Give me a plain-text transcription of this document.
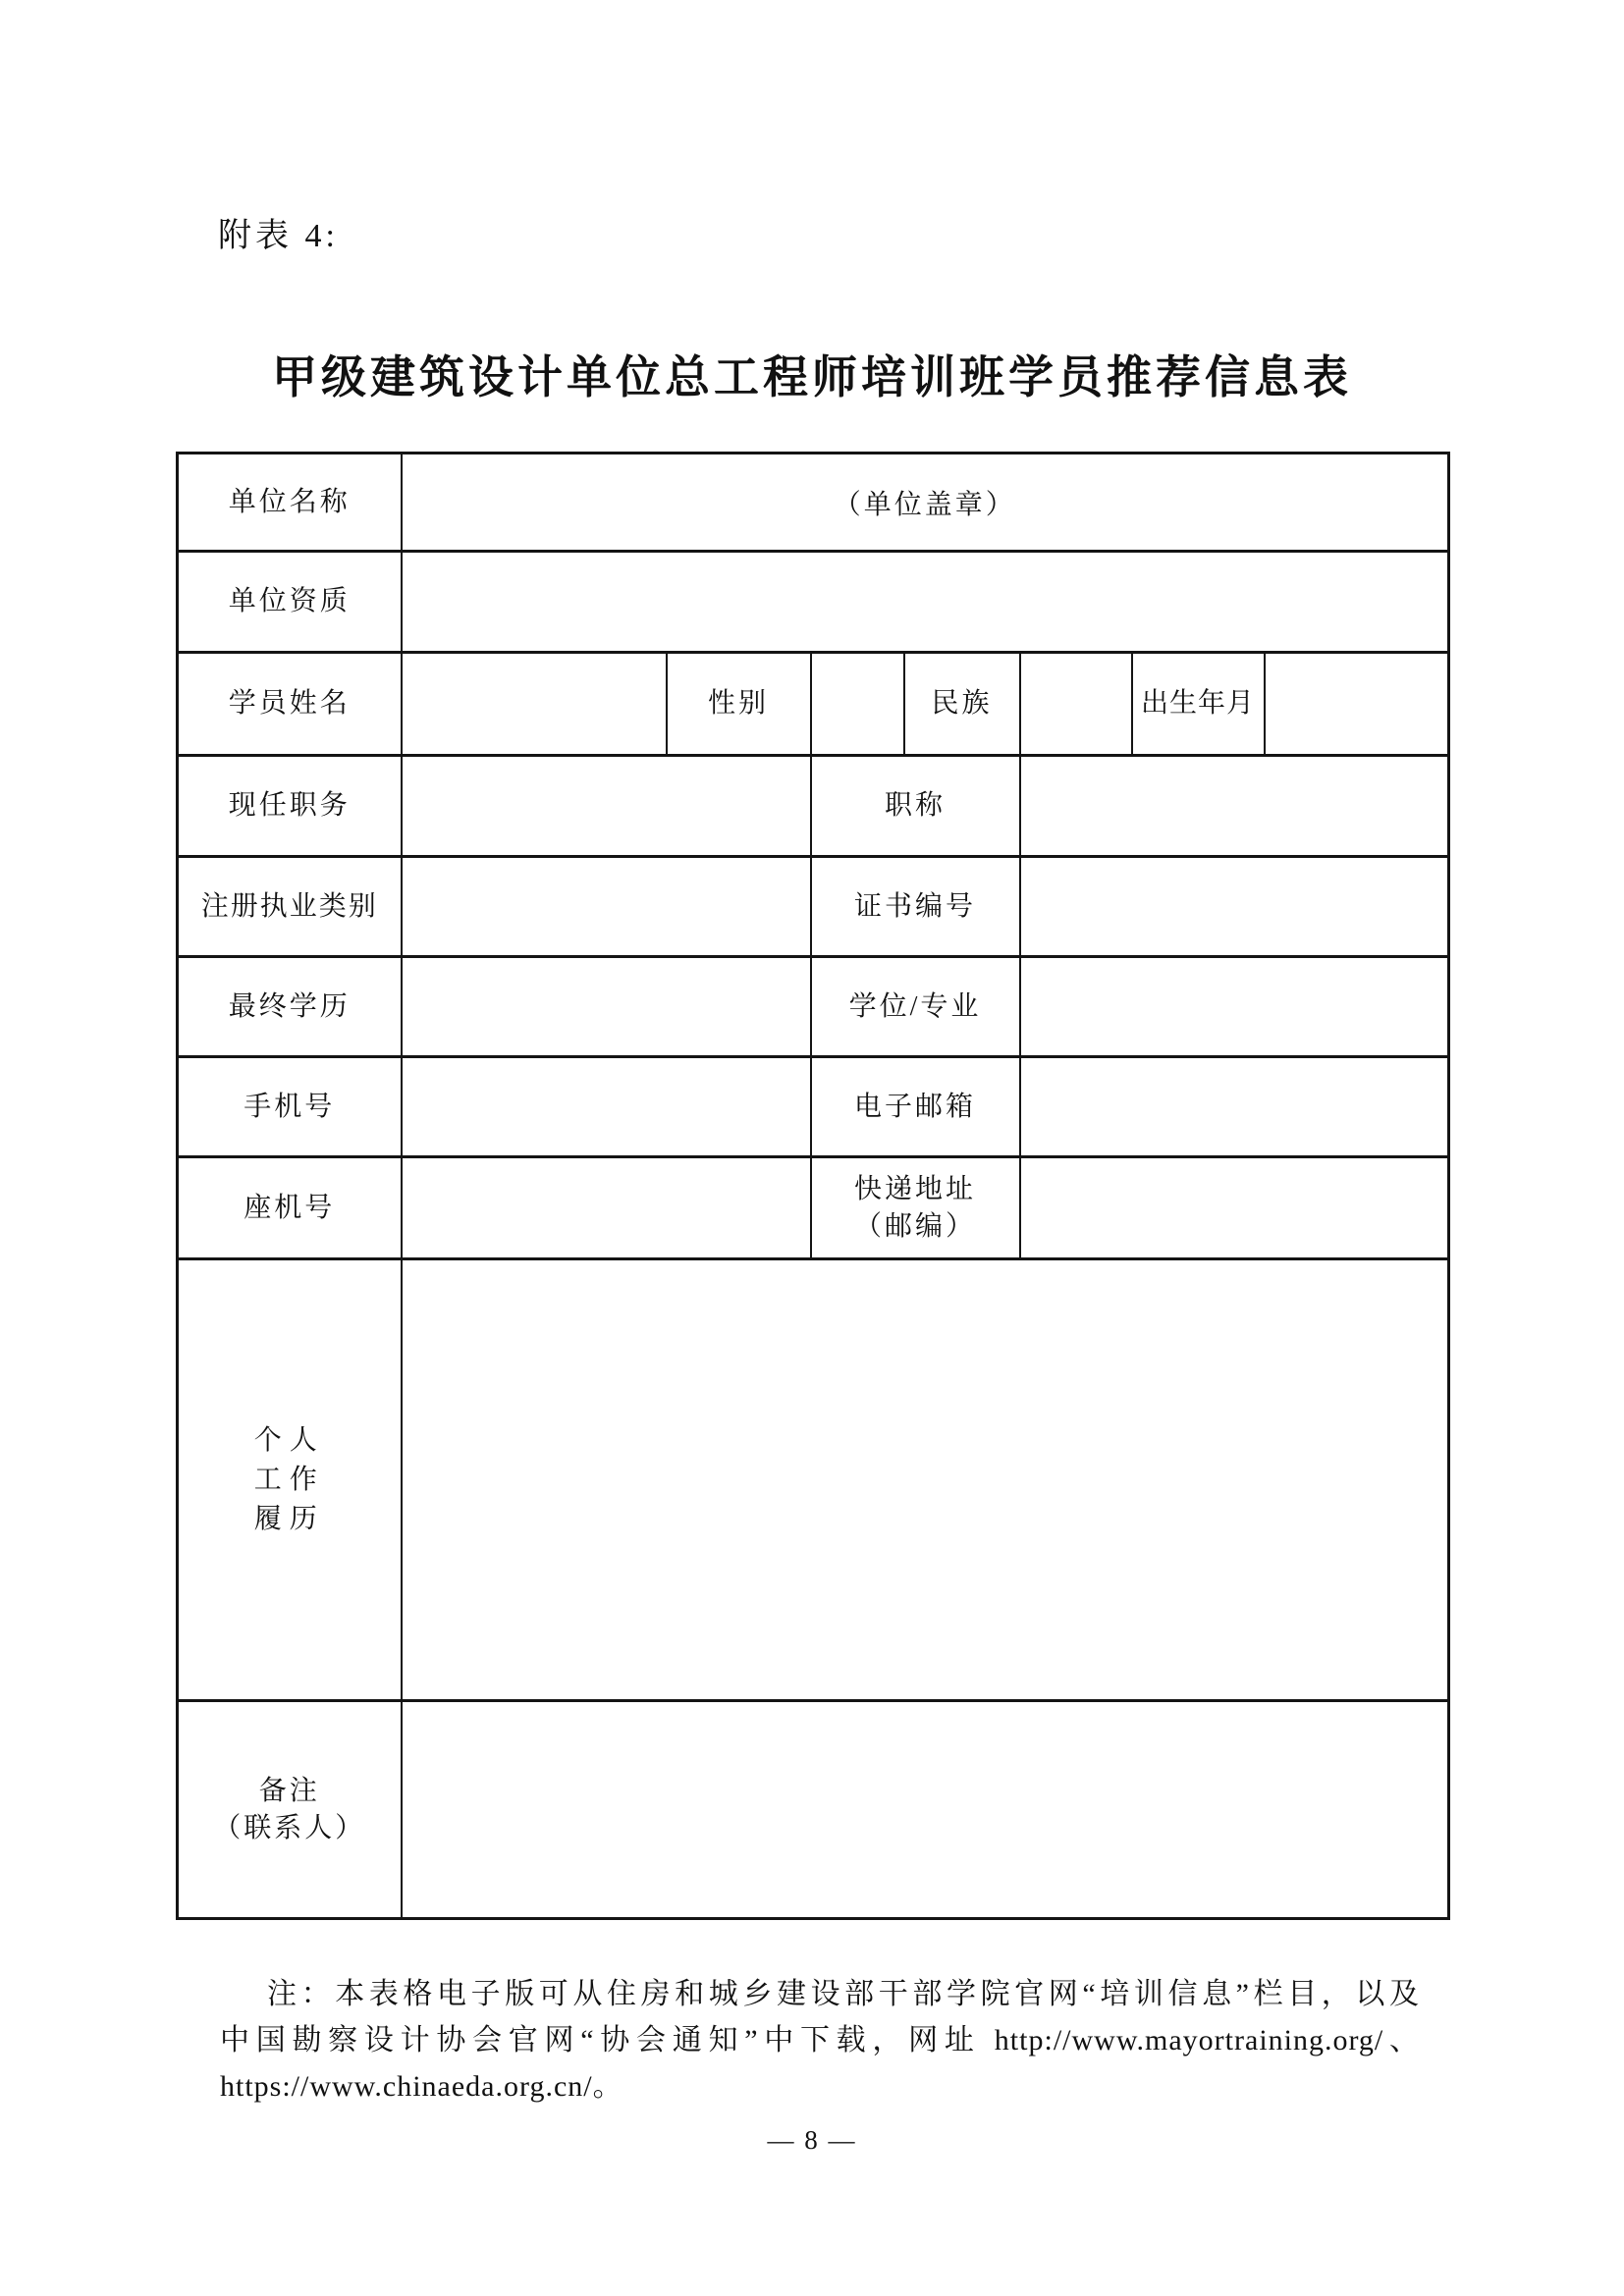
附表 4:
甲级建筑设计单位总工程师培训班学员推荐信息表
单位名称	（单位盖章）						
单位资质							
学员姓名		性别		民族		出生年月	
现任职务			职称				
注册执业类别			证书编号				
最终学历			学位/专业				
手机号			电子邮箱				
座机号			快递地址
（邮编）				

个人
工作
履历							

备注
（联系人）							

注：本表格电子版可从住房和城乡建设部干部学院官网“培训信息”栏目，以及
中国勘察设计协会官网“协会通知”中下载，网址 http://www.mayortraining.org/、
https://www.chinaeda.org.cn/。
— 8 —
